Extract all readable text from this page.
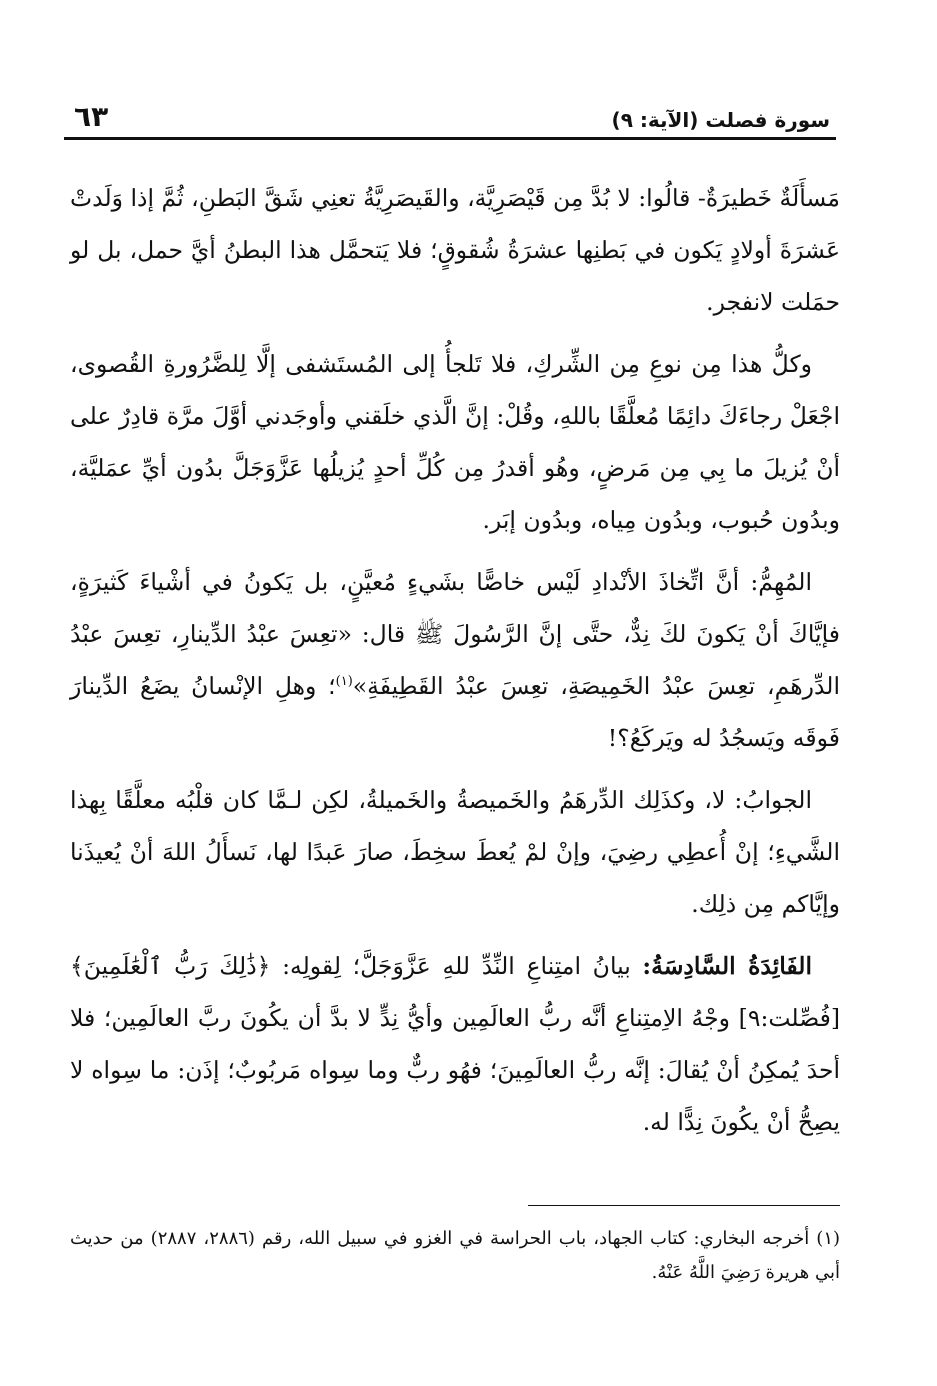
٦٣	سورة فصلت (الآية: ٩)

مَسأَلَةٌ خَطيرَةٌ- قالُوا: لا بُدَّ مِن قَيْصَرِيَّة، والقَيصَرِيَّةُ تعنِي شَقَّ البَطنِ، ثُمَّ إذا وَلَدتْ عَشرَةَ أولادٍ يَكون في بَطنِها عشرَةُ شُقوقٍ؛ فلا يَتحمَّل هذا البطنُ أيَّ حمل، بل لو حمَلت لانفجر.

وكلُّ هذا مِن نوعِ مِن الشِّركِ، فلا تَلجأُ إلى المُستَشفى إلَّا لِلضَّرُورةِ القُصوى، اجْعَلْ رجاءَكَ دائِمًا مُعلَّقًا باللهِ، وقُلْ: إنَّ الَّذي خلَقني وأوجَدني أوَّلَ مرَّة قادِرٌ على أنْ يُزيلَ ما بِي مِن مَرضٍ، وهُو أقدرُ مِن كُلِّ أحدٍ يُزيلُها عَزَّوَجَلَّ بدُون أيِّ عمَليَّة، وبدُون حُبوب، وبدُون مِياه، وبدُون إبَر.

المُهِمُّ: أنَّ اتِّخاذَ الأنْدادِ لَيْس خاصًّا بشَيءٍ مُعيَّنٍ، بل يَكونُ في أشْياءَ كَثيرَةٍ، فإيَّاكَ أنْ يَكونَ لكَ نِدٌّ، حتَّى إنَّ الرَّسُولَ ﷺ قال: «تعِسَ عبْدُ الدِّينارِ، تعِسَ عبْدُ الدِّرهَمِ، تعِسَ عبْدُ الخَمِيصَةِ، تعِسَ عبْدُ القَطِيفَةِ»$^{(١)}$؛ وهلِ الإنْسانُ يضَعُ الدِّينارَ فَوقَه ويَسجُدُ له ويَركَعُ؟!

الجوابُ: لا، وكذَلِك الدِّرهَمُ والخَميصةُ والخَميلةُ، لكِن لـمَّا كان قلْبُه معلَّقًا بِهذا الشَّيءِ؛ إنْ أُعطِي رضِيَ، وإنْ لمْ يُعطَ سخِطَ، صارَ عَبدًا لها، نَسأَلُ اللهَ أنْ يُعيذَنا وإيَّاكم مِن ذلِك.

الفَائِدَةُ السَّادِسَةُ: بيانُ امتِناعِ النِّدِّ للهِ عَزَّوَجَلَّ؛ لِقولِه: ﴿ذَٰلِكَ رَبُّ ٱلْعَٰلَمِينَ﴾ [فُصِّلت:٩] وجْهُ الاِمتِناعِ أنَّه ربُّ العالَمِين وأيُّ نِدٍّ لا بدَّ أن يكُونَ ربَّ العالَمِين؛ فلا أحدَ يُمكِنُ أنْ يُقالَ: إنَّه ربُّ العالَمِينَ؛ فهُو ربٌّ وما سِواه مَربُوبٌ؛ إذَن: ما سِواه لا يصِحُّ أنْ يكُونَ نِدًّا له.

(١) أخرجه البخاري: كتاب الجهاد، باب الحراسة في الغزو في سبيل الله، رقم (٢٨٨٦، ٢٨٨٧) من حديث أبي هريرة رَضِيَ اللَّهُ عَنْهُ.
